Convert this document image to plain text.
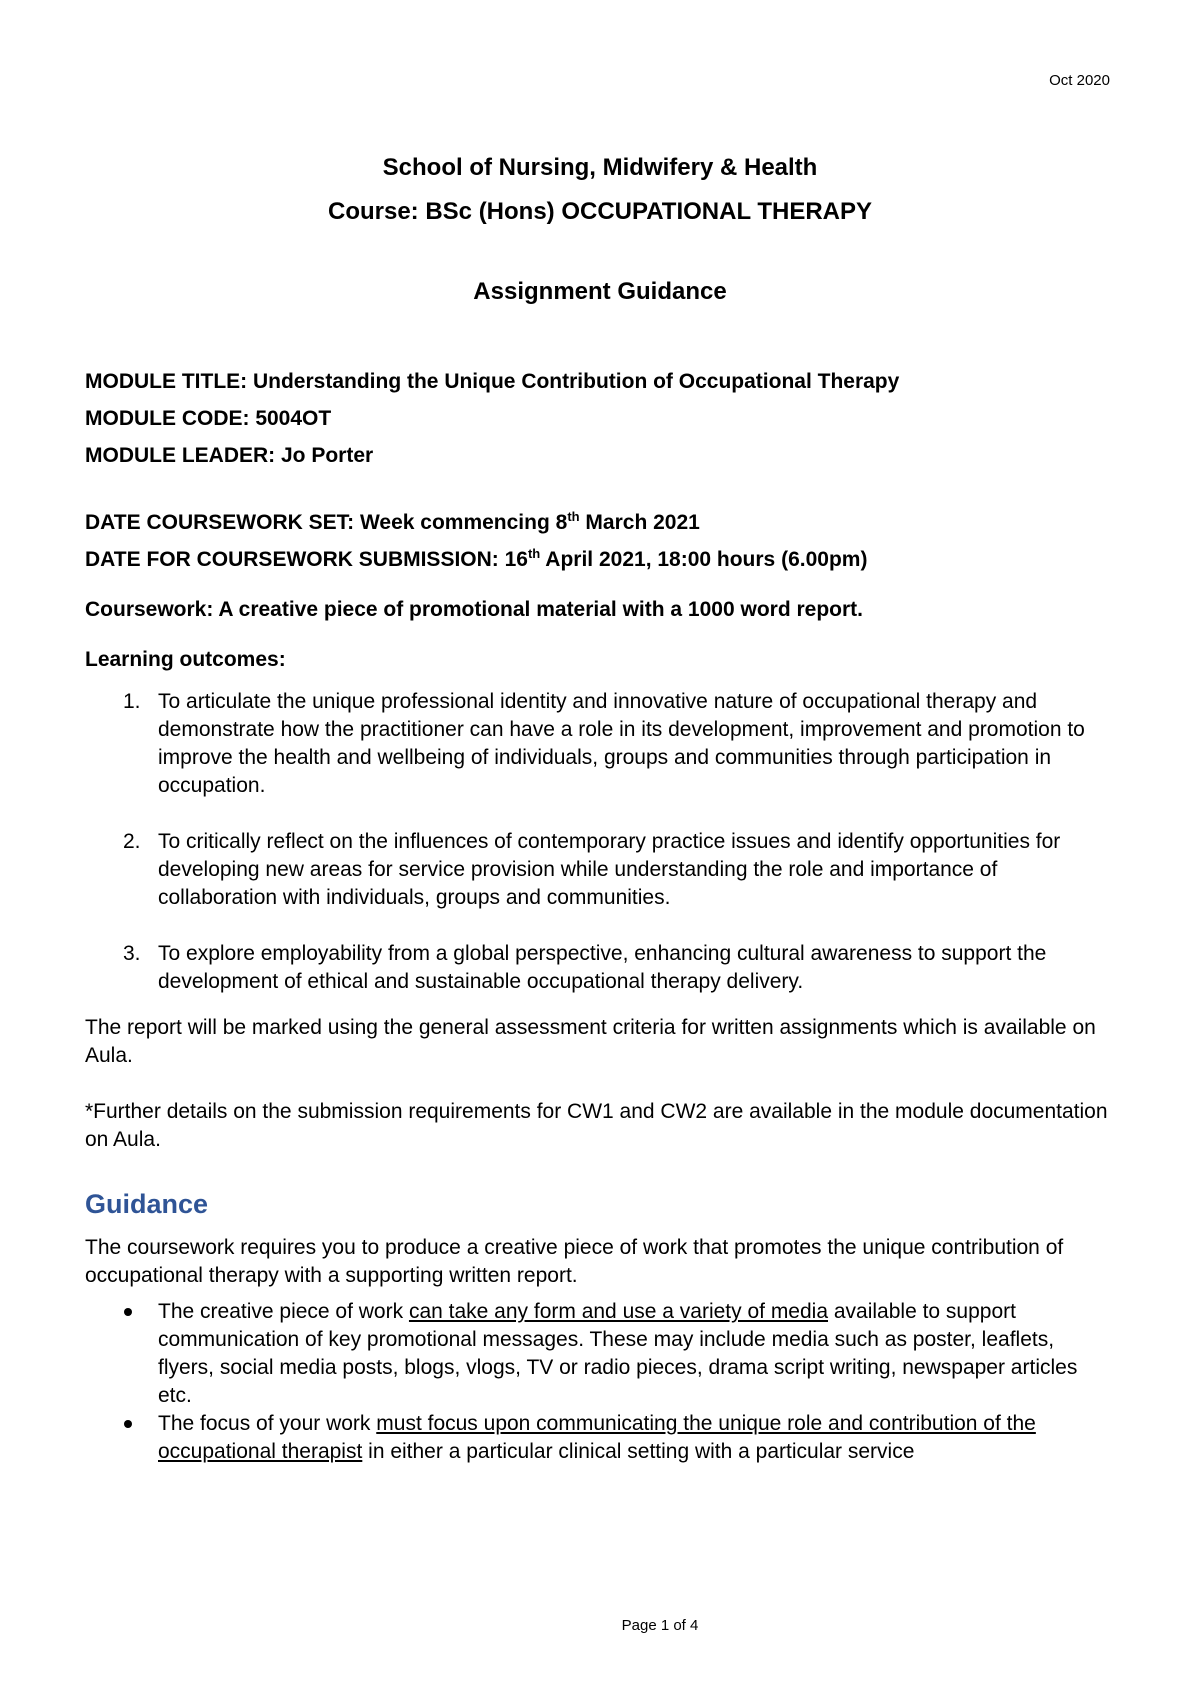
Oct 2020
School of Nursing, Midwifery & Health
Course: BSc (Hons) OCCUPATIONAL THERAPY
Assignment Guidance
MODULE TITLE: Understanding the Unique Contribution of Occupational Therapy
MODULE CODE: 5004OT
MODULE LEADER: Jo Porter
DATE COURSEWORK SET: Week commencing 8th March 2021
DATE FOR COURSEWORK SUBMISSION: 16th April 2021, 18:00 hours (6.00pm)
Coursework: A creative piece of promotional material with a 1000 word report.
Learning outcomes:
1. To articulate the unique professional identity and innovative nature of occupational therapy and demonstrate how the practitioner can have a role in its development, improvement and promotion to improve the health and wellbeing of individuals, groups and communities through participation in occupation.
2. To critically reflect on the influences of contemporary practice issues and identify opportunities for developing new areas for service provision while understanding the role and importance of collaboration with individuals, groups and communities.
3. To explore employability from a global perspective, enhancing cultural awareness to support the development of ethical and sustainable occupational therapy delivery.

The report will be marked using the general assessment criteria for written assignments which is available on Aula.

*Further details on the submission requirements for CW1 and CW2 are available in the module documentation on Aula.

Guidance

The coursework requires you to produce a creative piece of work that promotes the unique contribution of occupational therapy with a supporting written report.

The creative piece of work can take any form and use a variety of media available to support communication of key promotional messages. These may include media such as poster, leaflets, flyers, social media posts, blogs, vlogs, TV or radio pieces, drama script writing, newspaper articles etc.
The focus of your work must focus upon communicating the unique role and contribution of the occupational therapist in either a particular clinical setting with a particular service
Page 1 of 4
